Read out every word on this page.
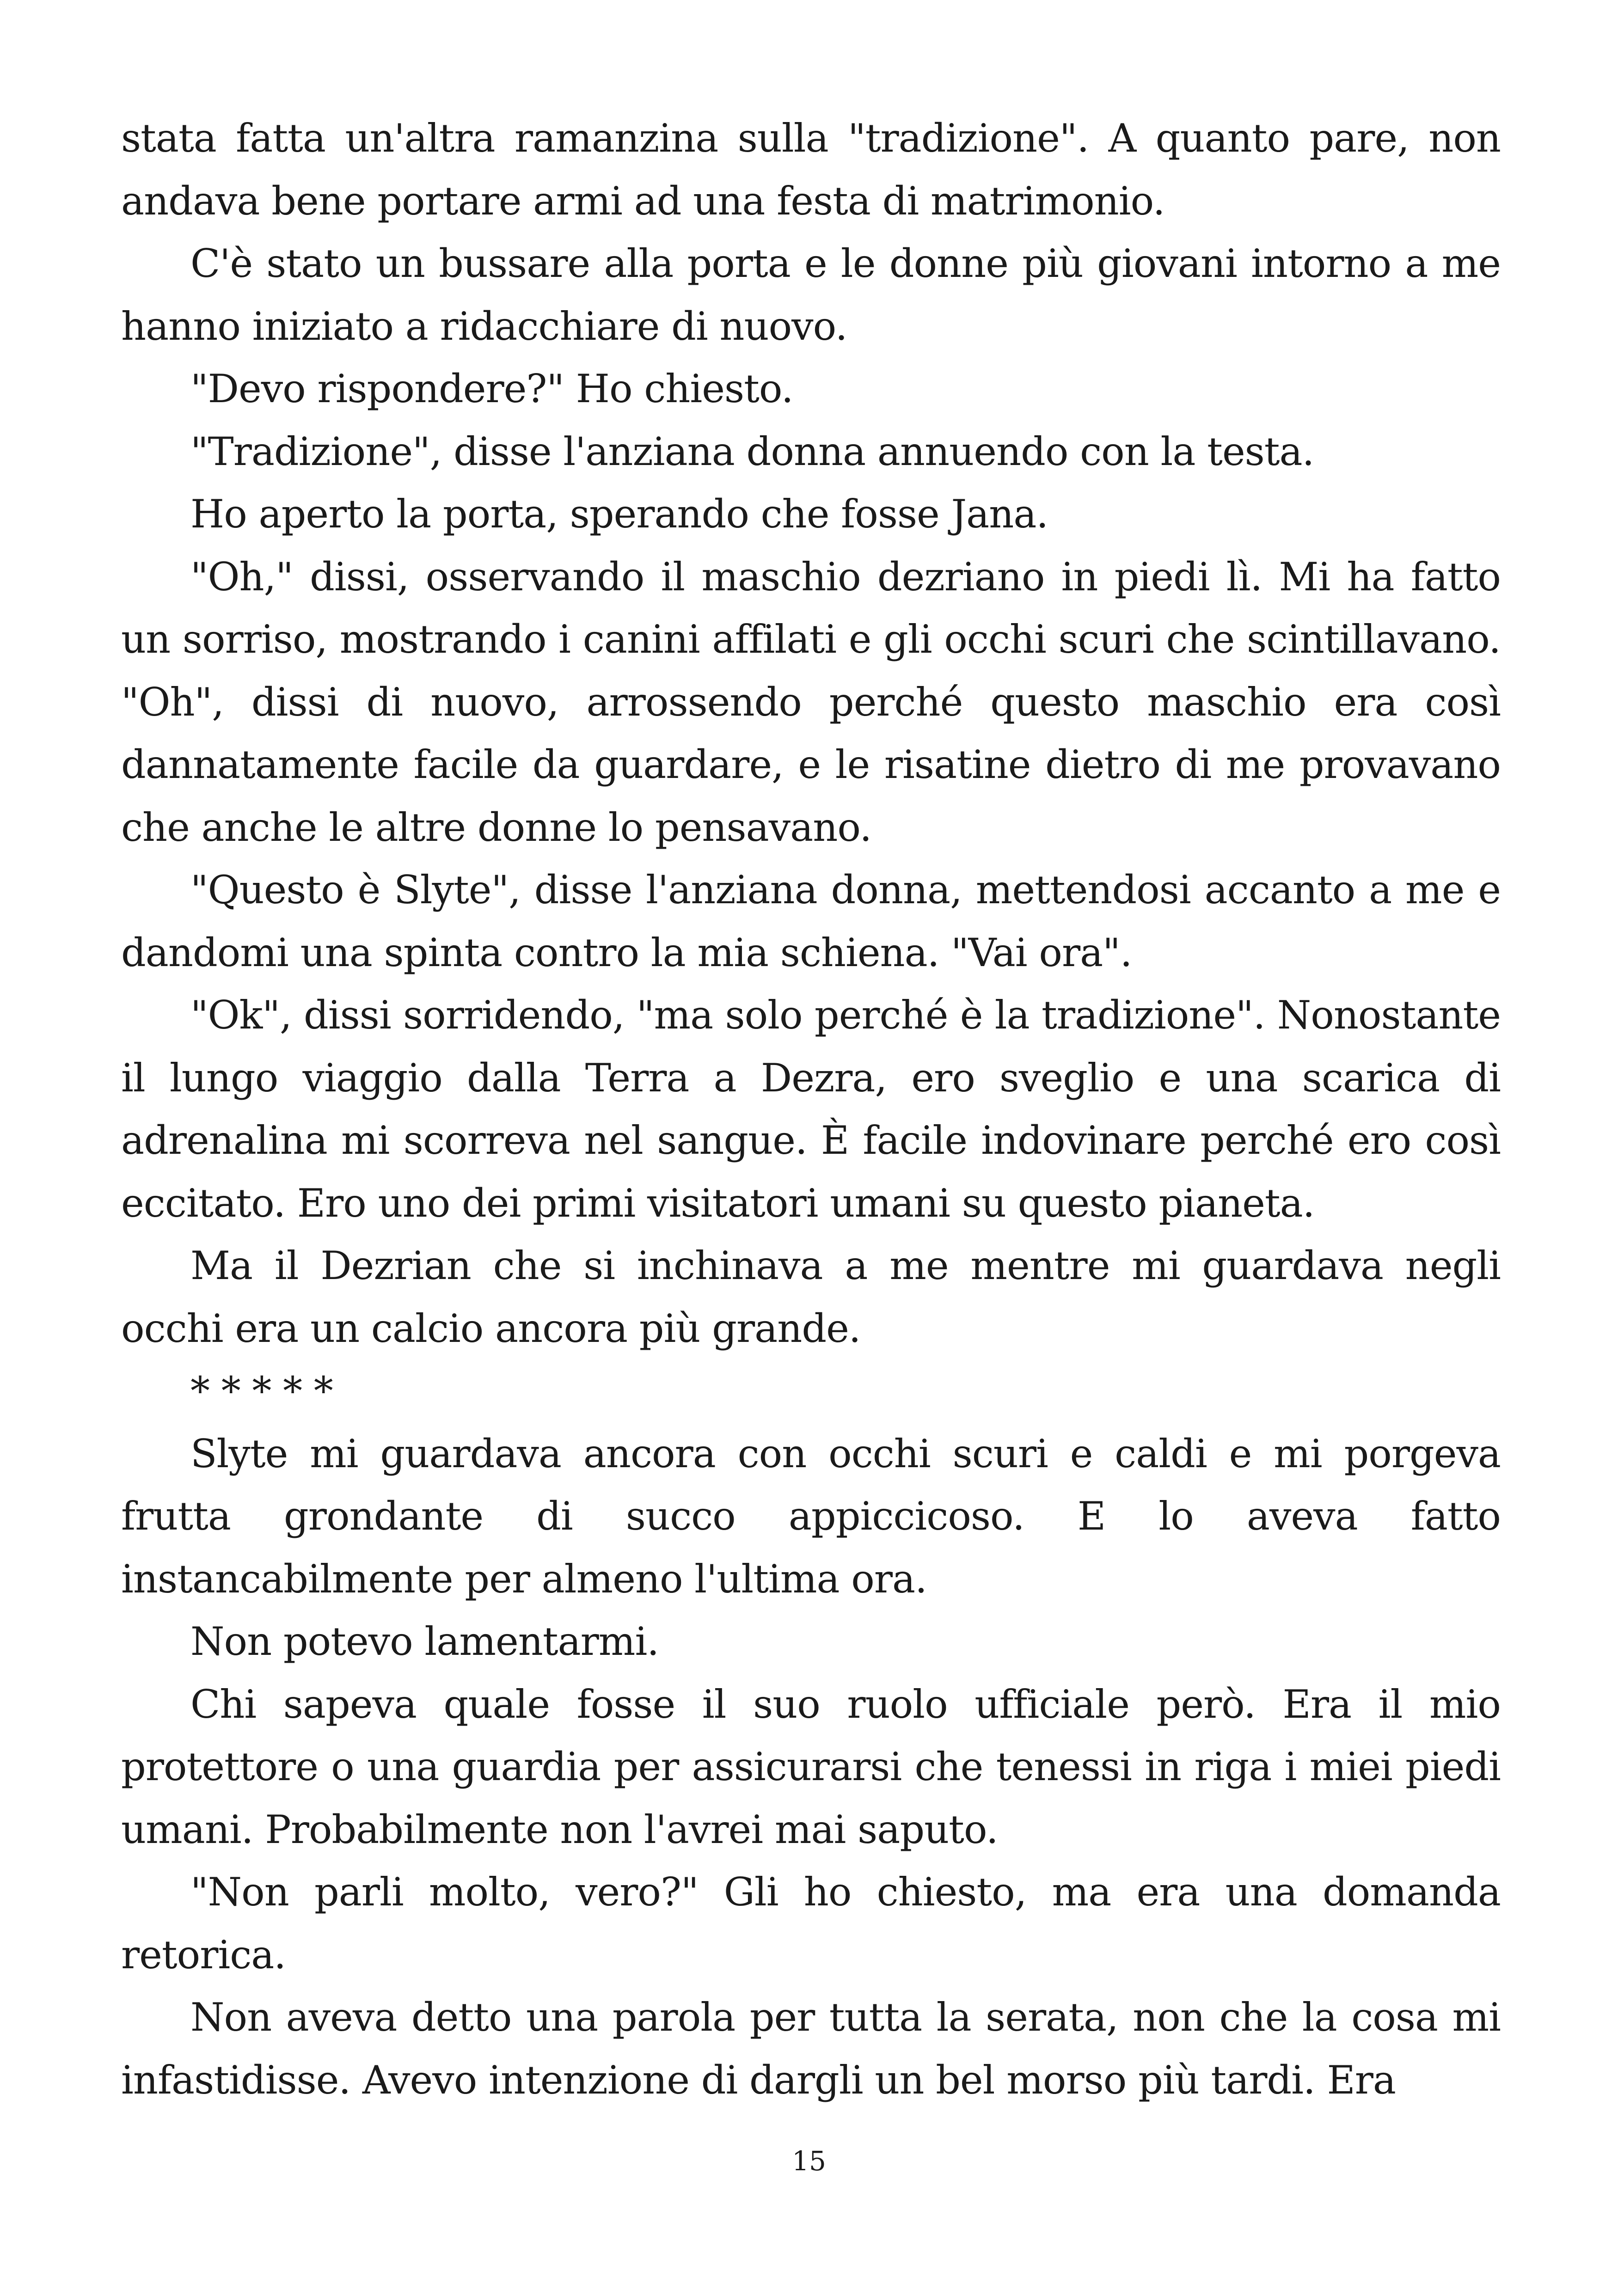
stata fatta un'altra ramanzina sulla "tradizione". A quanto pare, non andava bene portare armi ad una festa di matrimonio.

C'è stato un bussare alla porta e le donne più giovani intorno a me hanno iniziato a ridacchiare di nuovo.

"Devo rispondere?" Ho chiesto.

"Tradizione", disse l'anziana donna annuendo con la testa.

Ho aperto la porta, sperando che fosse Jana.

"Oh," dissi, osservando il maschio dezriano in piedi lì. Mi ha fatto un sorriso, mostrando i canini affilati e gli occhi scuri che scintillavano. "Oh", dissi di nuovo, arrossendo perché questo maschio era così dannatamente facile da guardare, e le risatine dietro di me provavano che anche le altre donne lo pensavano.

"Questo è Slyte", disse l'anziana donna, mettendosi accanto a me e dandomi una spinta contro la mia schiena. "Vai ora".

"Ok", dissi sorridendo, "ma solo perché è la tradizione". Nonostante il lungo viaggio dalla Terra a Dezra, ero sveglio e una scarica di adrenalina mi scorreva nel sangue. È facile indovinare perché ero così eccitato. Ero uno dei primi visitatori umani su questo pianeta.

Ma il Dezrian che si inchinava a me mentre mi guardava negli occhi era un calcio ancora più grande.

* * * * *

Slyte mi guardava ancora con occhi scuri e caldi e mi porgeva frutta grondante di succo appiccicoso. E lo aveva fatto instancabilmente per almeno l'ultima ora.

Non potevo lamentarmi.

Chi sapeva quale fosse il suo ruolo ufficiale però. Era il mio protettore o una guardia per assicurarsi che tenessi in riga i miei piedi umani. Probabilmente non l'avrei mai saputo.

"Non parli molto, vero?" Gli ho chiesto, ma era una domanda retorica.

Non aveva detto una parola per tutta la serata, non che la cosa mi infastidisse. Avevo intenzione di dargli un bel morso più tardi. Era

15
